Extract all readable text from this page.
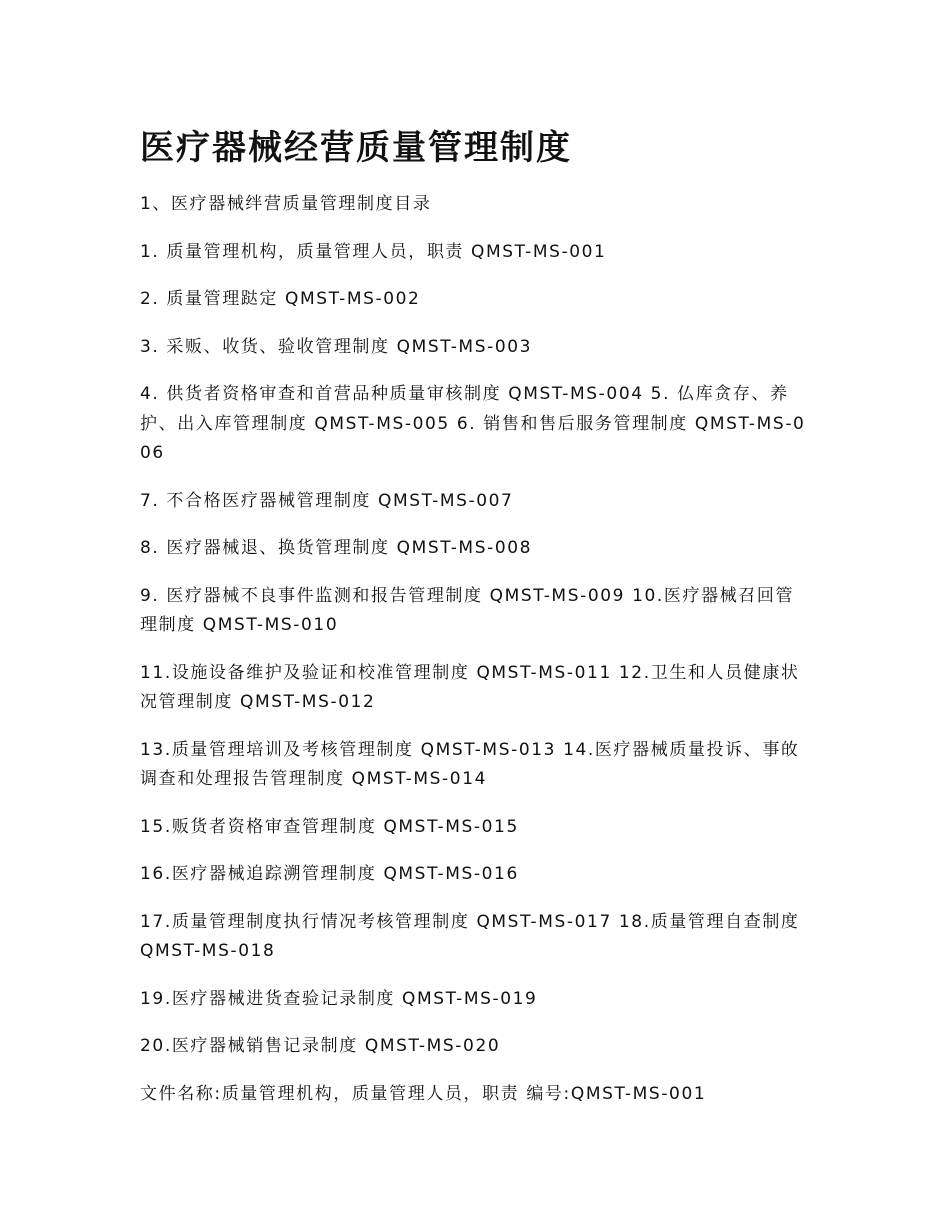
医疗器械经营质量管理制度

1、医疗器械绊营质量管理制度目录

1. 质量管理机构，质量管理人员，职责 QMST-MS-001

2. 质量管理跶定 QMST-MS-002

3. 采贩、收货、验收管理制度 QMST-MS-003

4. 供货者资格审查和首营品种质量审核制度 QMST-MS-004 5. 仏库贪存、养护、出入库管理制度 QMST-MS-005 6. 销售和售后服务管理制度 QMST-MS-006

7. 不合格医疗器械管理制度 QMST-MS-007

8. 医疗器械退、换货管理制度 QMST-MS-008

9. 医疗器械不良事件监测和报告管理制度 QMST-MS-009 10.医疗器械召回管理制度 QMST-MS-010

11.设施设备维护及验证和校准管理制度 QMST-MS-011 12.卫生和人员健康状况管理制度 QMST-MS-012

13.质量管理培训及考核管理制度 QMST-MS-013 14.医疗器械质量投诉、事敀调查和处理报告管理制度 QMST-MS-014

15.贩货者资格审查管理制度 QMST-MS-015

16.医疗器械追踪溯管理制度 QMST-MS-016

17.质量管理制度执行情况考核管理制度 QMST-MS-017 18.质量管理自查制度 QMST-MS-018

19.医疗器械进货查验记录制度 QMST-MS-019

20.医疗器械销售记录制度 QMST-MS-020

文件名称:质量管理机构，质量管理人员，职责 编号:QMST-MS-001
